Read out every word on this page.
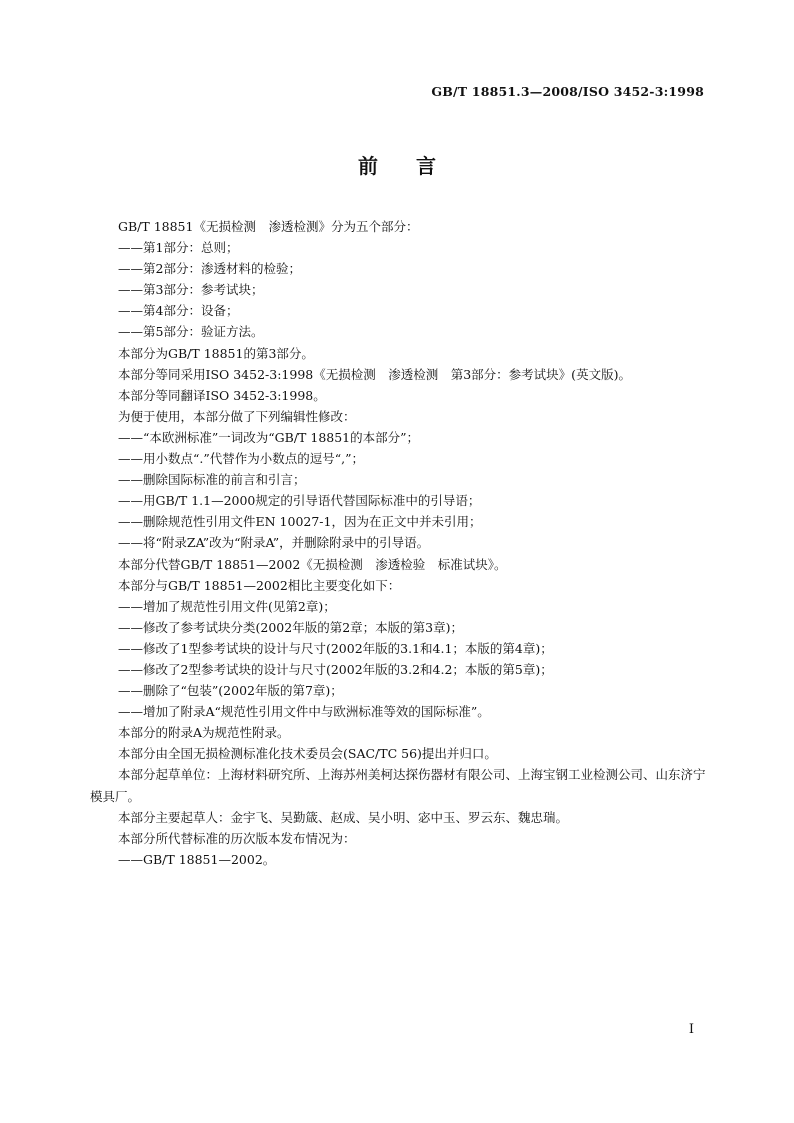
GB/T 18851.3—2008/ISO 3452-3:1998
前言

GB/T 18851《无损检测　渗透检测》分为五个部分：

——第1部分：总则；

——第2部分：渗透材料的检验；

——第3部分：参考试块；

——第4部分：设备；

——第5部分：验证方法。

本部分为GB/T 18851的第3部分。

本部分等同采用ISO 3452-3:1998《无损检测　渗透检测　第3部分：参考试块》(英文版)。

本部分等同翻译ISO 3452-3:1998。

为便于使用，本部分做了下列编辑性修改：

——“本欧洲标准”一词改为“GB/T 18851的本部分”；

——用小数点“.”代替作为小数点的逗号“,”；

——删除国际标准的前言和引言；

——用GB/T 1.1—2000规定的引导语代替国际标准中的引导语；

——删除规范性引用文件EN 10027-1，因为在正文中并未引用；

——将“附录ZA”改为“附录A”，并删除附录中的引导语。

本部分代替GB/T 18851—2002《无损检测　渗透检验　标准试块》。

本部分与GB/T 18851—2002相比主要变化如下：

——增加了规范性引用文件(见第2章)；

——修改了参考试块分类(2002年版的第2章；本版的第3章)；

——修改了1型参考试块的设计与尺寸(2002年版的3.1和4.1；本版的第4章)；

——修改了2型参考试块的设计与尺寸(2002年版的3.2和4.2；本版的第5章)；

——删除了“包装”(2002年版的第7章)；

——增加了附录A“规范性引用文件中与欧洲标准等效的国际标准”。

本部分的附录A为规范性附录。

本部分由全国无损检测标准化技术委员会(SAC/TC 56)提出并归口。

本部分起草单位：上海材料研究所、上海苏州美柯达探伤器材有限公司、上海宝钢工业检测公司、山东济宁模具厂。

本部分主要起草人：金宇飞、吴勤箴、赵成、吴小明、宓中玉、罗云东、魏忠瑞。

本部分所代替标准的历次版本发布情况为：

——GB/T 18851—2002。

I
